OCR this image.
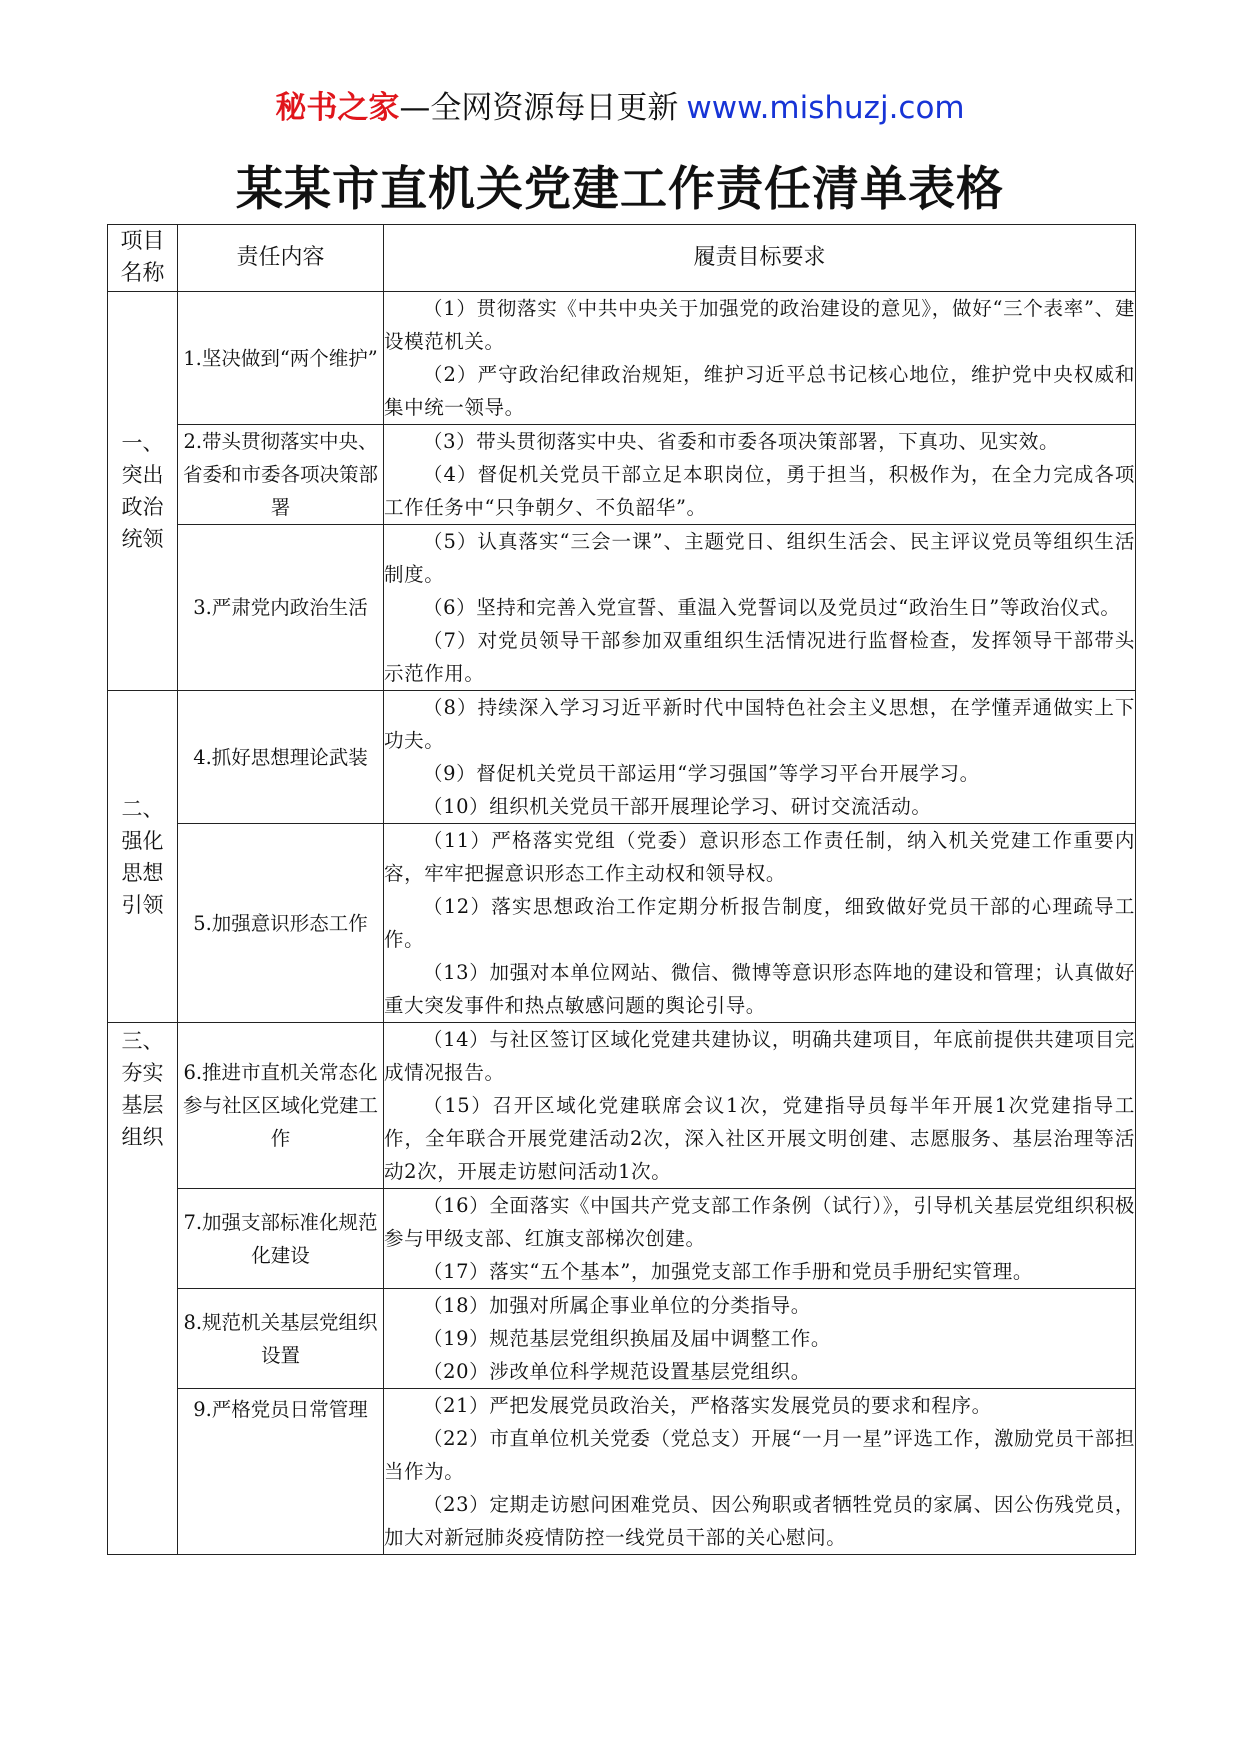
秘书之家—全网资源每日更新 www.mishuzj.com
某某市直机关党建工作责任清单表格
项目名称	责任内容	履责目标要求

一、突出政治统领	1.坚决做到“两个维护”	（1）贯彻落实《中共中央关于加强党的政治建设的意见》，做好“三个表率”、建设模范机关。

（2）严守政治纪律政治规矩，维护习近平总书记核心地位，维护党中央权威和集中统一领导。

	2.带头贯彻落实中央、省委和市委各项决策部署	（3）带头贯彻落实中央、省委和市委各项决策部署，下真功、见实效。

（4）督促机关党员干部立足本职岗位，勇于担当，积极作为，在全力完成各项工作任务中“只争朝夕、不负韶华”。

	3.严肃党内政治生活	（5）认真落实“三会一课”、主题党日、组织生活会、民主评议党员等组织生活制度。

（6）坚持和完善入党宣誓、重温入党誓词以及党员过“政治生日”等政治仪式。

（7）对党员领导干部参加双重组织生活情况进行监督检查，发挥领导干部带头示范作用。

二、强化思想引领	4.抓好思想理论武装	（8）持续深入学习习近平新时代中国特色社会主义思想，在学懂弄通做实上下功夫。

（9）督促机关党员干部运用“学习强国”等学习平台开展学习。

（10）组织机关党员干部开展理论学习、研讨交流活动。

	5.加强意识形态工作	（11）严格落实党组（党委）意识形态工作责任制，纳入机关党建工作重要内容，牢牢把握意识形态工作主动权和领导权。

（12）落实思想政治工作定期分析报告制度，细致做好党员干部的心理疏导工作。

（13）加强对本单位网站、微信、微博等意识形态阵地的建设和管理；认真做好重大突发事件和热点敏感问题的舆论引导。

三、夯实基层组织	6.推进市直机关常态化参与社区区域化党建工作	（14）与社区签订区域化党建共建协议，明确共建项目，年底前提供共建项目完成情况报告。

（15）召开区域化党建联席会议1次，党建指导员每半年开展1次党建指导工作，全年联合开展党建活动2次，深入社区开展文明创建、志愿服务、基层治理等活动2次，开展走访慰问活动1次。

	7.加强支部标准化规范化建设	（16）全面落实《中国共产党支部工作条例（试行）》，引导机关基层党组织积极参与甲级支部、红旗支部梯次创建。

（17）落实“五个基本”，加强党支部工作手册和党员手册纪实管理。

	8.规范机关基层党组织设置	（18）加强对所属企事业单位的分类指导。

（19）规范基层党组织换届及届中调整工作。

（20）涉改单位科学规范设置基层党组织。

	9.严格党员日常管理	（21）严把发展党员政治关，严格落实发展党员的要求和程序。

（22）市直单位机关党委（党总支）开展“一月一星”评选工作，激励党员干部担当作为。

（23）定期走访慰问困难党员、因公殉职或者牺牲党员的家属、因公伤残党员，加大对新冠肺炎疫情防控一线党员干部的关心慰问。
